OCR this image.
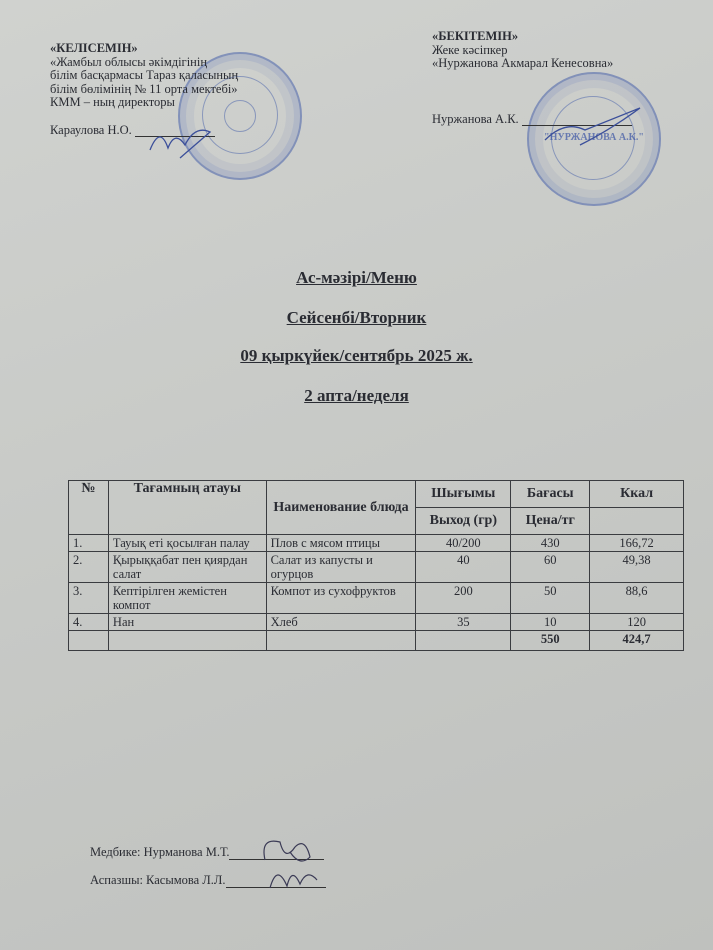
"НУРЖАНОВА А.К."
«КЕЛІСЕМІН»
«Жамбыл облысы әкімдігінің
білім басқармасы Тараз қаласының
білім бөлімінің № 11 орта мектебі»
КММ – ның директоры
Караулова Н.О.
«БЕКІТЕМІН»
Жеке кәсіпкер
«Нуржанова Акмарал Кенесовна»
Нуржанова А.К.
Ас-мәзірі/Меню
Сейсенбі/Вторник
09 қыркүйек/сентябрь 2025 ж.
2 апта/неделя
№	Тағамның атауы	Наименование блюда	Шығымы	Бағасы	Ккал
			Выход (гр)	Цена/тг	
1.	Тауық еті қосылған палау	Плов с мясом птицы	40/200	430	166,72
2.	Қырыққабат пен қиярдан салат	Салат из капусты и огурцов	40	60	49,38
3.	Кептірілген жемістен компот	Компот из сухофруктов	200	50	88,6
4.	Нан	Хлеб	35	10	120
				550	424,7
Медбике: Нурманова М.Т.
Аспазшы: Касымова Л.Л.
